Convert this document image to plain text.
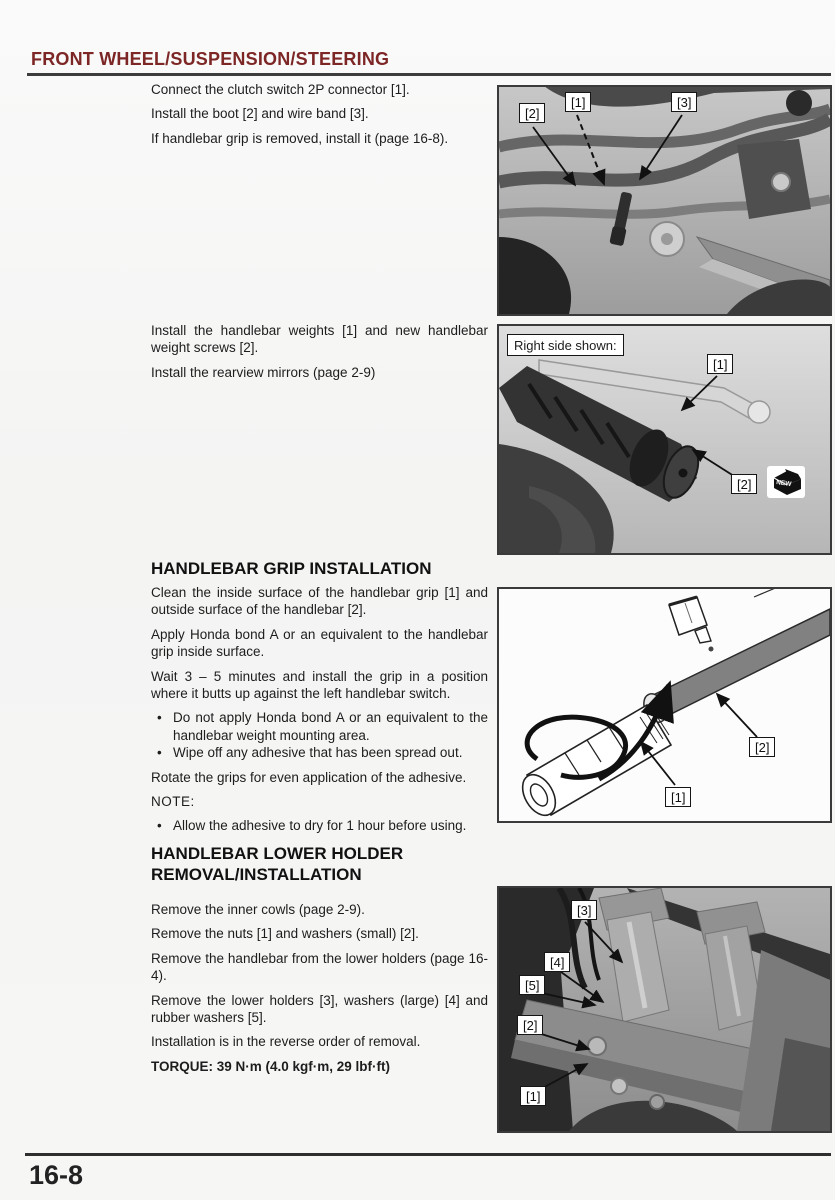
FRONT WHEEL/SUSPENSION/STEERING

Connect the clutch switch 2P connector [1].

Install the boot [2] and wire band [3].

If handlebar grip is removed, install it (page 16-8).

[2]
[1]	[3]

Install the handlebar weights [1] and new handlebar weight screws [2].

Install the rearview mirrors (page 2-9)

Right side shown:
[1]
[2]	NEW
HANDLEBAR GRIP INSTALLATION

Clean the inside surface of the handlebar grip [1] and outside surface of the handlebar [2].

Apply Honda bond A or an equivalent to the handlebar grip inside surface.

Wait 3 – 5 minutes and install the grip in a position where it butts up against the left handlebar switch.

• Do not apply Honda bond A or an equivalent to the handlebar weight mounting area.
• Wipe off any adhesive that has been spread out.

Rotate the grips for even application of the adhesive.

NOTE:

• Allow the adhesive to dry for 1 hour before using.
[1]
[2]
HANDLEBAR LOWER HOLDER
REMOVAL/INSTALLATION

Remove the inner cowls (page 2-9).

Remove the nuts [1] and washers (small) [2].

Remove the handlebar from the lower holders (page 16-4).

Remove the lower holders [3], washers (large) [4] and rubber washers [5].

Installation is in the reverse order of removal.

TORQUE: 39 N·m (4.0 kgf·m, 29 lbf·ft)

[3]
[4]
[5]
[2]
[1]
16-8
